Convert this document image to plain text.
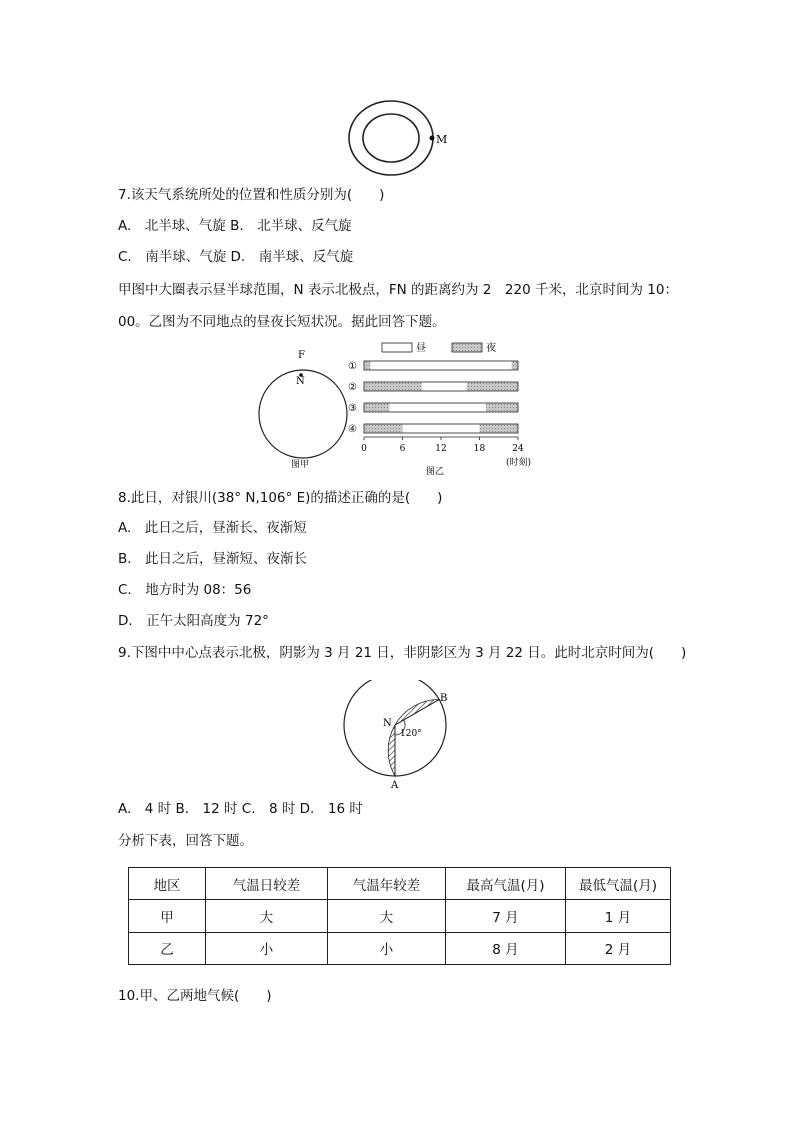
M
7.该天气系统所处的位置和性质分别为(　　)
A.　北半球、气旋 B.　北半球、反气旋
C.　南半球、气旋 D.　南半球、反气旋
甲图中大圈表示昼半球范围，N 表示北极点，FN 的距离约为 2　220 千米，北京时间为 10：
00。乙图为不同地点的昼夜长短状况。据此回答下题。
F
N
图甲
昼	夜
①
②
③
④
0	6	12	18	24
(时刻)
图乙
8.此日，对银川(38° N,106° E)的描述正确的是(　　)
A.　此日之后，昼渐长、夜渐短
B.　此日之后，昼渐短、夜渐长
C.　地方时为 08：56
D.　正午太阳高度为 72°
9.下图中中心点表示北极，阴影为 3 月 21 日，非阴影区为 3 月 22 日。此时北京时间为(　　)
N
120°
A
B
A.　4 时 B.　12 时 C.　8 时 D.　16 时
分析下表，回答下题。
地区	气温日较差	气温年较差	最高气温(月)	最低气温(月)
甲	大	大	7 月	1 月
乙	小	小	8 月	2 月
10.甲、乙两地气候(　　)
